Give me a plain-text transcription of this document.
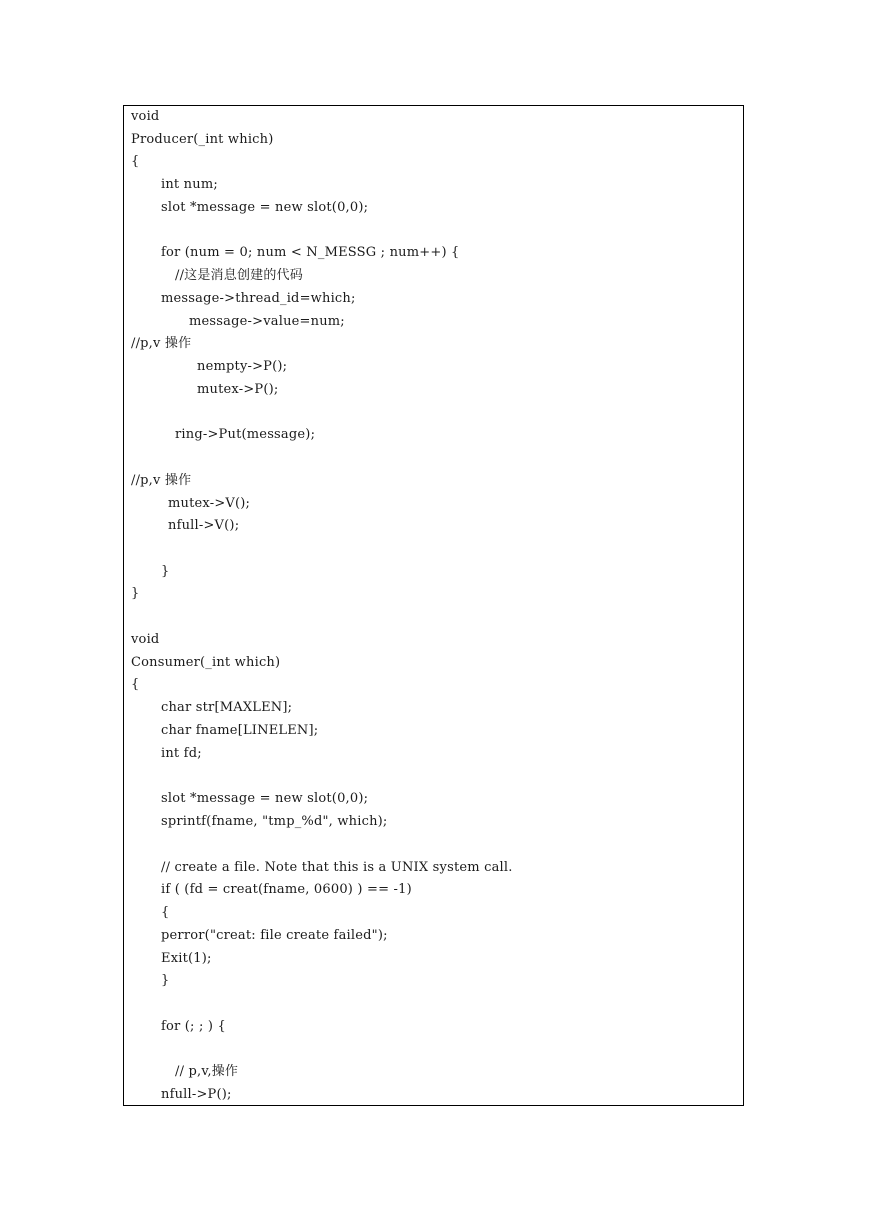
void
Producer(_int which)
{
int num;
slot *message = new slot(0,0);
for (num = 0; num < N_MESSG ; num++) {
//这是消息创建的代码
message->thread_id=which;
message->value=num;
//p,v 操作
nempty->P();
mutex->P();
ring->Put(message);
//p,v 操作
mutex->V();
nfull->V();
}
}
void
Consumer(_int which)
{
char str[MAXLEN];
char fname[LINELEN];
int fd;
slot *message = new slot(0,0);
sprintf(fname, "tmp_%d", which);
// create a file. Note that this is a UNIX system call.
if ( (fd = creat(fname, 0600) ) == -1)
{
perror("creat: file create failed");
Exit(1);
}
for (; ; ) {
// p,v,操作
nfull->P();
